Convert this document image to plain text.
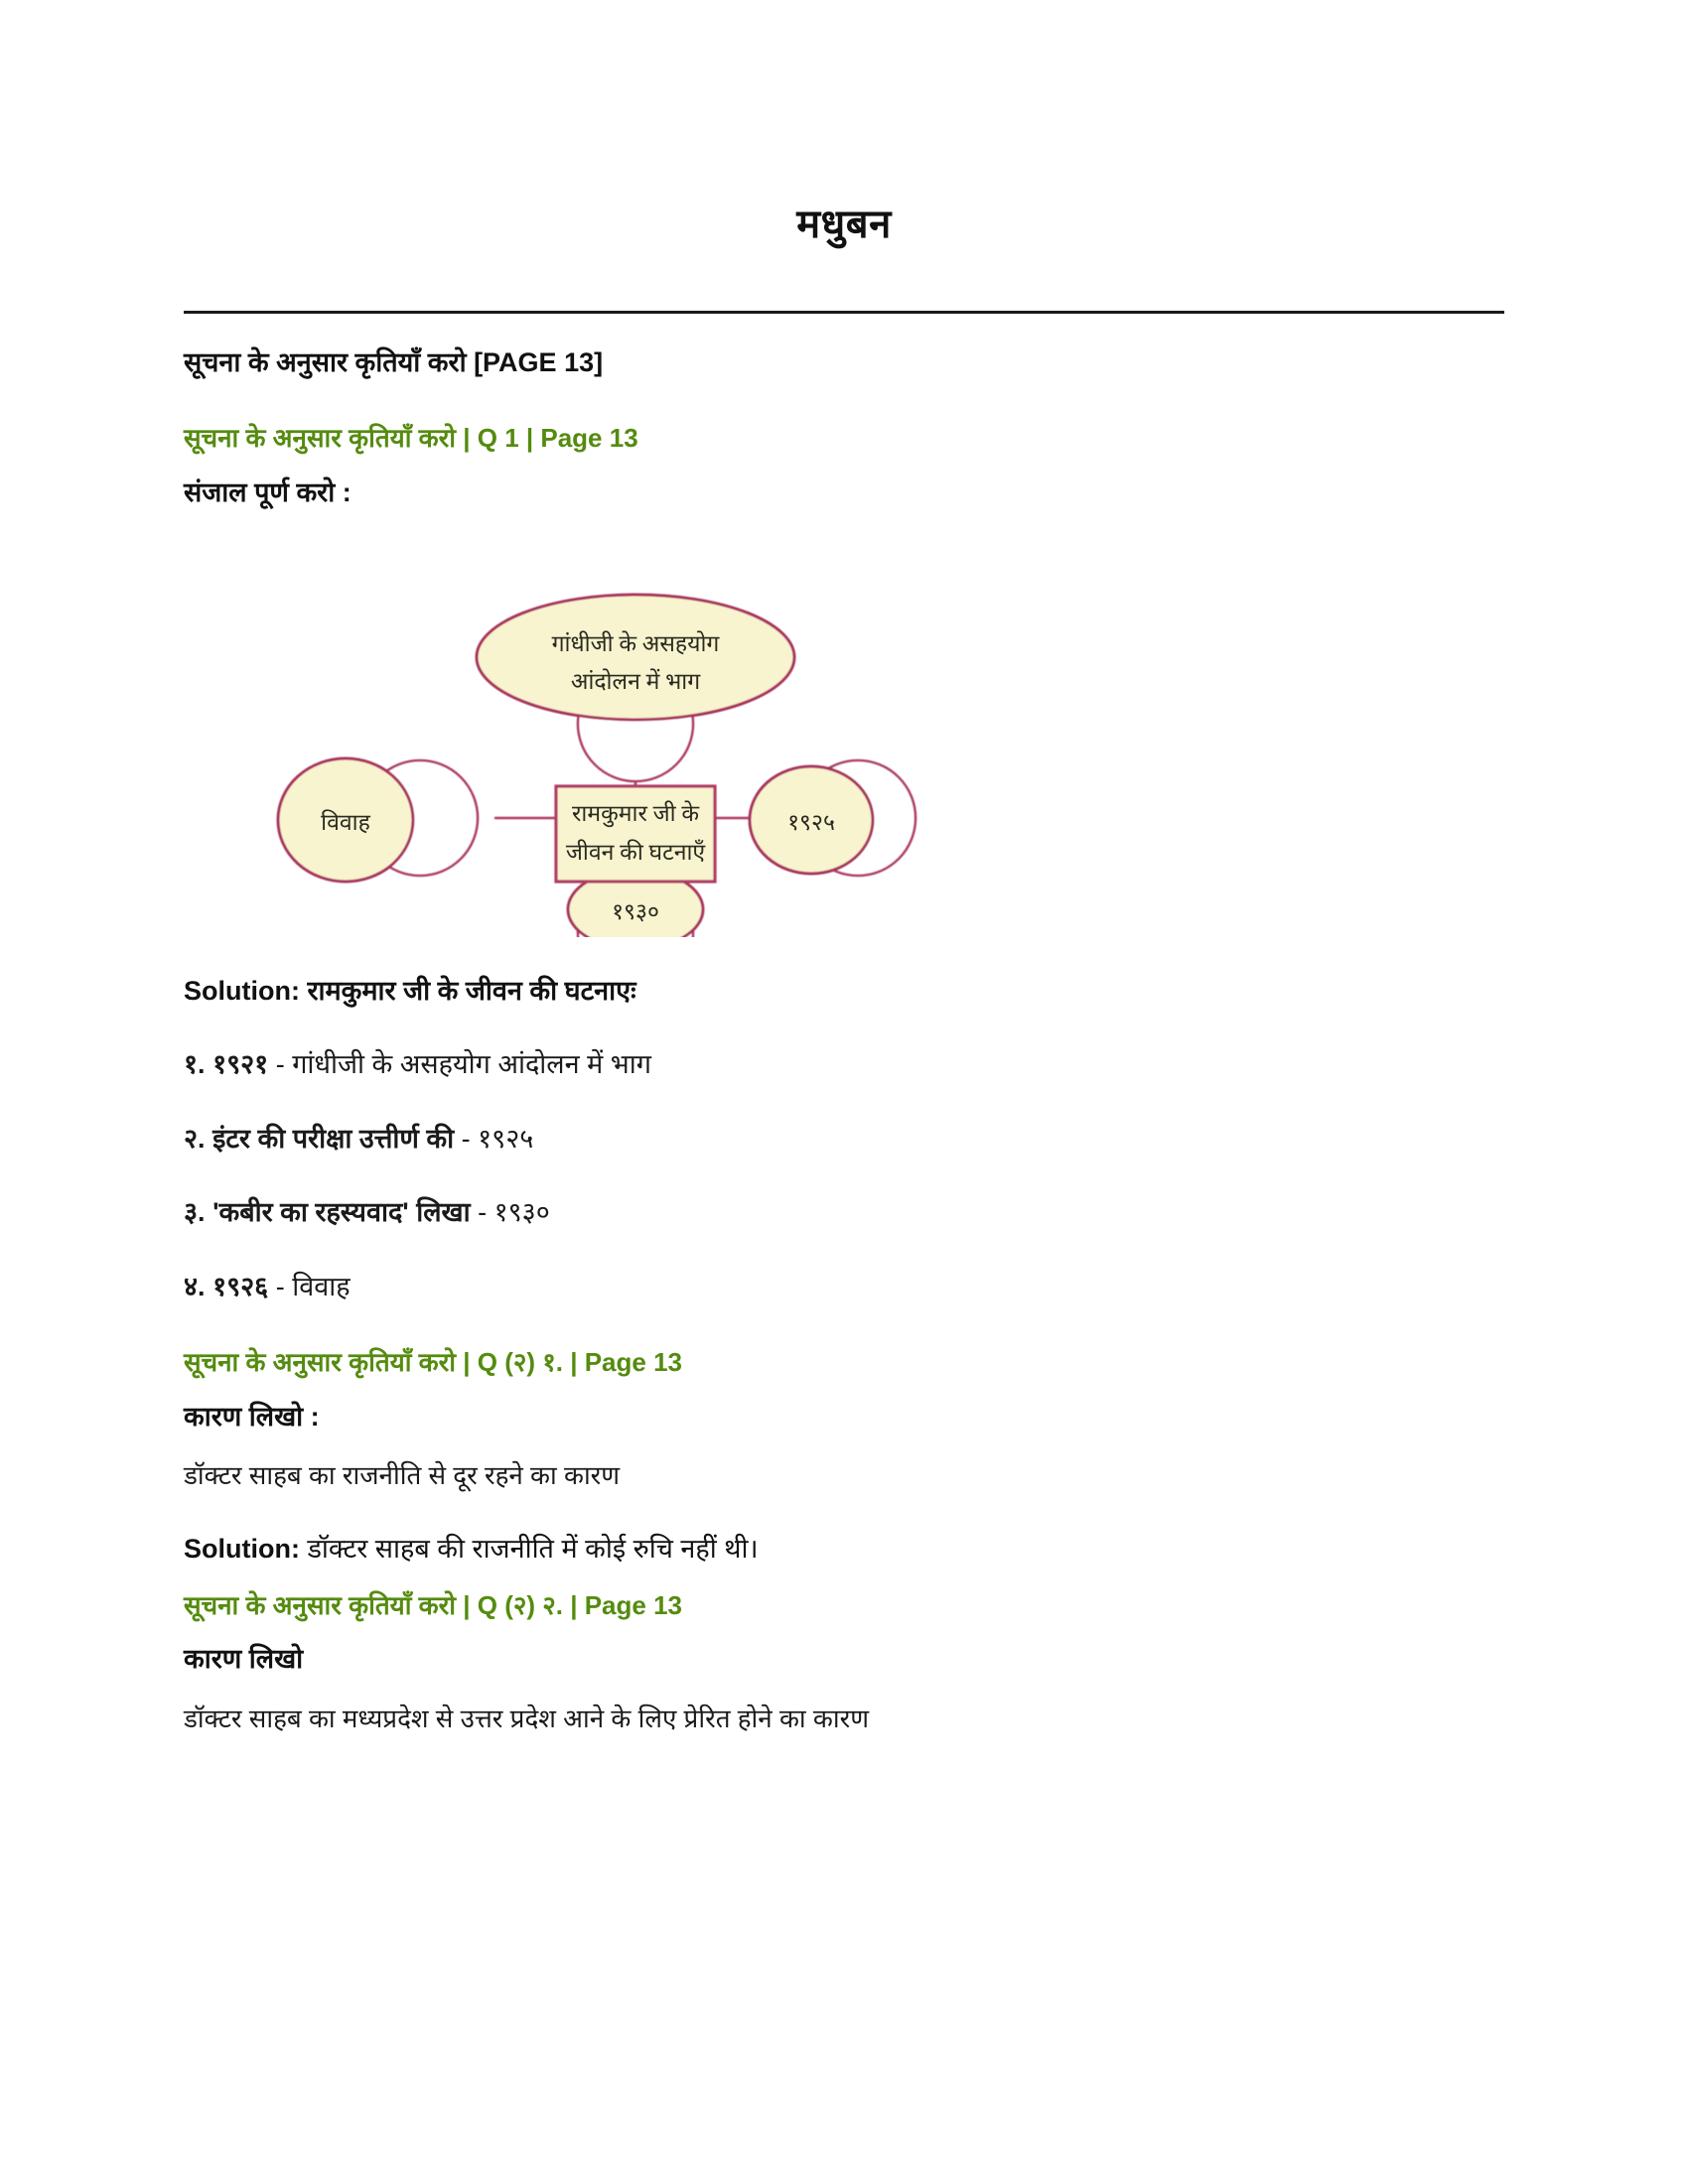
मधुबन
सूचना के अनुसार कृतियाँ करो [PAGE 13]
सूचना के अनुसार कृतियाँ करो | Q 1 | Page 13
संजाल पूर्ण करो :
गांधीजी के असहयोग
आंदोलन में भाग
रामकुमार जी के
जीवन की घटनाएँ
विवाह	१९२५
१९३०
Solution: रामकुमार जी के जीवन की घटनाएः
१. १९२१ - गांधीजी के असहयोग आंदोलन में भाग
२. इंटर की परीक्षा उत्तीर्ण की - १९२५
३. 'कबीर का रहस्यवाद' लिखा - १९३०
४. १९२६ - विवाह
सूचना के अनुसार कृतियाँ करो | Q (२) १. | Page 13
कारण लिखो :
डॉक्टर साहब का राजनीति से दूर रहने का कारण
Solution: डॉक्टर साहब की राजनीति में कोई रुचि नहीं थी।
सूचना के अनुसार कृतियाँ करो | Q (२) २. | Page 13
कारण लिखो
डॉक्टर साहब का मध्यप्रदेश से उत्तर प्रदेश आने के लिए प्रेरित होने का कारण
